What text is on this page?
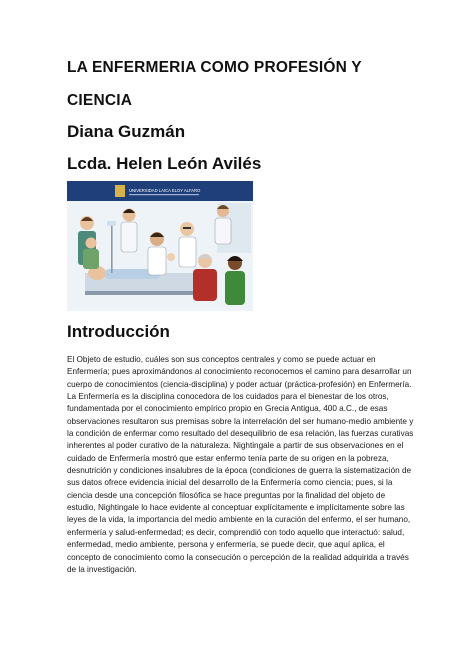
LA ENFERMERIA COMO PROFESIÓN Y
CIENCIA
Diana Guzmán
Lcda. Helen León Avilés
UNIVERSIDAD LAICA ELOY ALFARO
Introducción
El Objeto de estudio, cuáles son sus conceptos centrales y como se puede actuar en
Enfermería; pues aproximándonos al conocimiento reconocemos el camino para desarrollar un
cuerpo de conocimientos (ciencia-disciplina) y poder actuar (práctica-profesión) en Enfermería.
La Enfermería es la disciplina conocedora de los cuidados para el bienestar de los otros,
fundamentada por el conocimiento empírico propio en Grecia Antigua, 400 a.C., de esas
observaciones resultaron sus premisas sobre la interrelación del ser humano-medio ambiente y
la condición de enfermar como resultado del desequilibrio de esa relación, las fuerzas curativas
inherentes al poder curativo de la naturaleza. Nightingale a partir de sus observaciones en el
cuidado de Enfermería mostró que estar enfermo tenía parte de su origen en la pobreza,
desnutrición y condiciones insalubres de la época (condiciones de guerra la sistematización de
sus datos ofrece evidencia inicial del desarrollo de la Enfermería como ciencia; pues, si la
ciencia desde una concepción filosófica se hace preguntas por la finalidad del objeto de
estudio, Nightingale lo hace evidente al conceptuar explícitamente e implícitamente sobre las
leyes de la vida, la importancia del medio ambiente en la curación del enfermo, el ser humano,
enfermería y salud-enfermedad; es decir, comprendió con todo aquello que interactuó: salud,
enfermedad, medio ambiente, persona y enfermería, se puede decir, que aquí aplica, el
concepto de conocimiento como la consecución o percepción de la realidad adquirida a través
de la investigación.
